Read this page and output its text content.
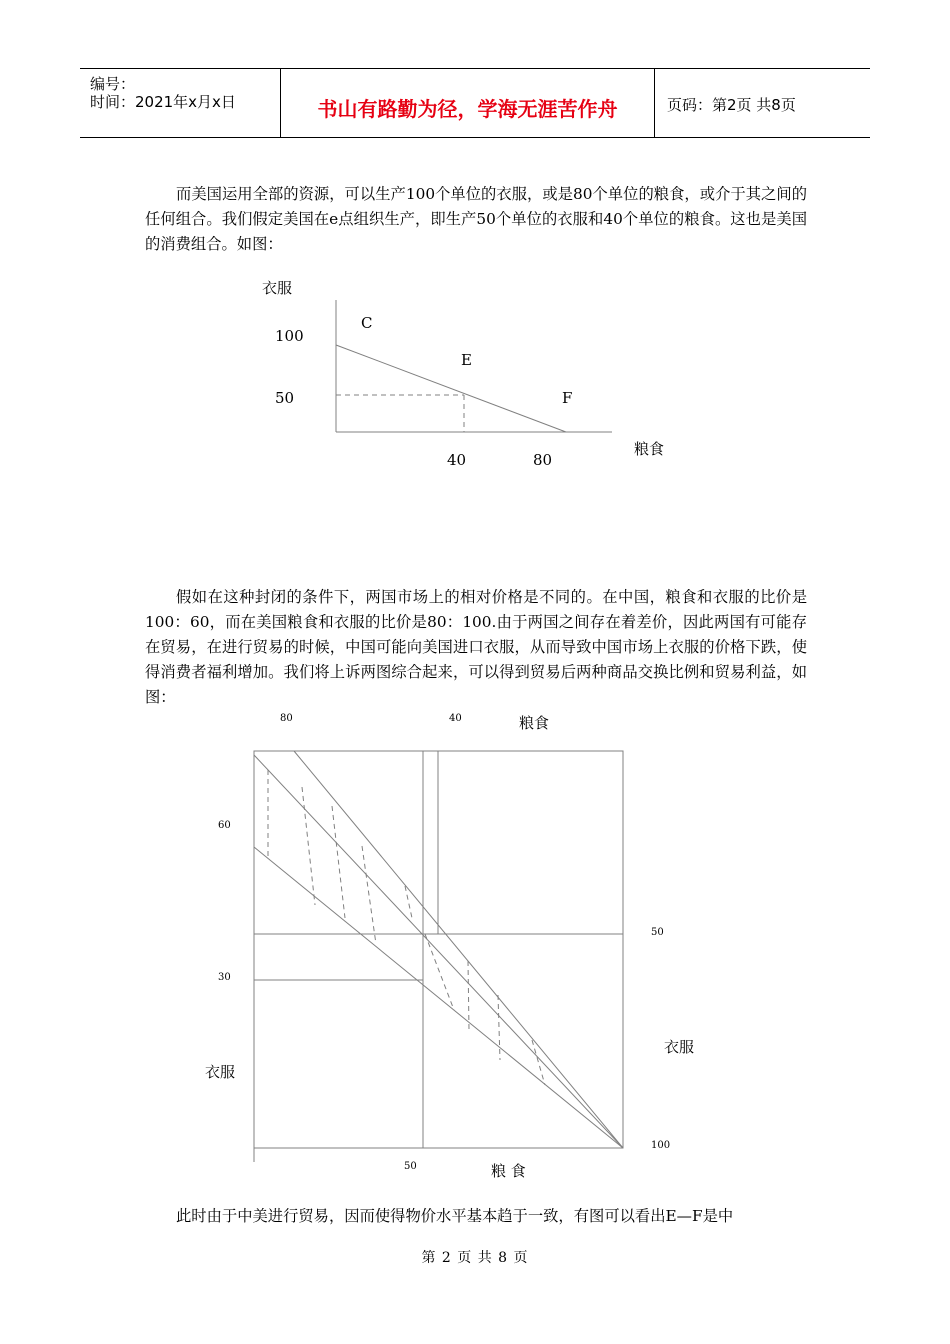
编号：
时间：2021年x月x日	书山有路勤为径，学海无涯苦作舟	页码：第2页 共8页

而美国运用全部的资源，可以生产100个单位的衣服，或是80个单位的粮食，或介于其之间的任何组合。我们假定美国在e点组织生产，即生产50个单位的衣服和40个单位的粮食。这也是美国的消费组合。如图：

衣服
粮食
100
50
40	80
C
E
F

假如在这种封闭的条件下，两国市场上的相对价格是不同的。在中国，粮食和衣服的比价是100：60，而在美国粮食和衣服的比价是80：100.由于两国之间存在着差价，因此两国有可能存在贸易，在进行贸易的时候，中国可能向美国进口衣服，从而导致中国市场上衣服的价格下跌，使得消费者福利增加。我们将上诉两图综合起来，可以得到贸易后两种商品交换比例和贸易利益，如图：

粮食
粮 食
衣服
衣服
80	40
60
30
50
100
50

此时由于中美进行贸易，因而使得物价水平基本趋于一致，有图可以看出E—F是中

第 2 页 共 8 页
